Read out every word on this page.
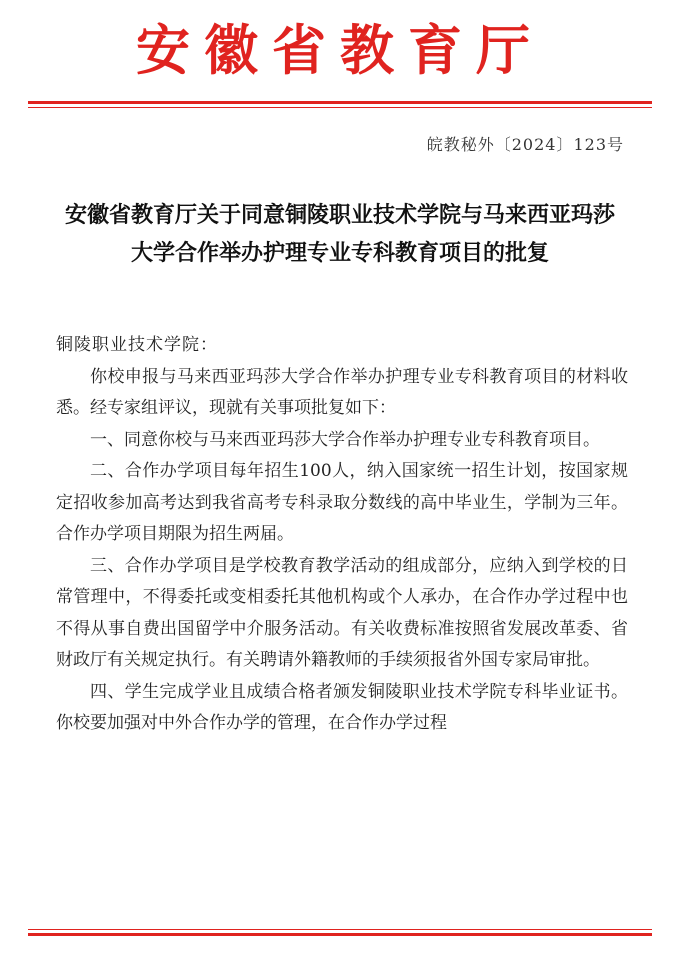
安徽省教育厅
皖教秘外〔2024〕123号
安徽省教育厅关于同意铜陵职业技术学院与马来西亚玛莎
大学合作举办护理专业专科教育项目的批复

铜陵职业技术学院：

你校申报与马来西亚玛莎大学合作举办护理专业专科教育项目的材料收悉。经专家组评议，现就有关事项批复如下：

一、同意你校与马来西亚玛莎大学合作举办护理专业专科教育项目。

二、合作办学项目每年招生100人，纳入国家统一招生计划，按国家规定招收参加高考达到我省高考专科录取分数线的高中毕业生，学制为三年。合作办学项目期限为招生两届。

三、合作办学项目是学校教育教学活动的组成部分，应纳入到学校的日常管理中，不得委托或变相委托其他机构或个人承办，在合作办学过程中也不得从事自费出国留学中介服务活动。有关收费标准按照省发展改革委、省财政厅有关规定执行。有关聘请外籍教师的手续须报省外国专家局审批。

四、学生完成学业且成绩合格者颁发铜陵职业技术学院专科毕业证书。你校要加强对中外合作办学的管理，在合作办学过程
